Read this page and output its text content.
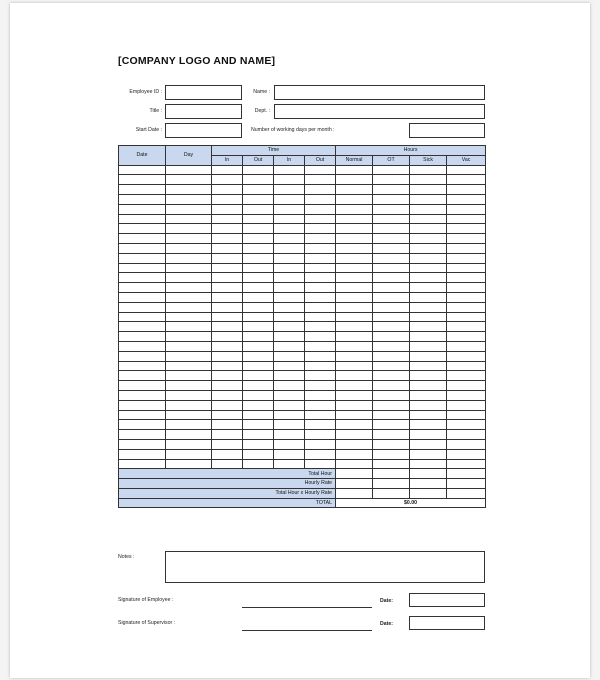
[COMPANY LOGO AND NAME]
Employee ID :	Name :
Title :	Dept. :
Start Date :	Number of working days per month :
Date	Day	Time				Hours			
		In	Out	In	Out	Normal	OT	Sick	Vac

Total Hour									
Hourly Rate									
Total Hour x Hourly Rate									
TOTAL						$0.00			
Notes :
Signature of Employee :	Date:
Signature of Supervisor :	Date:
